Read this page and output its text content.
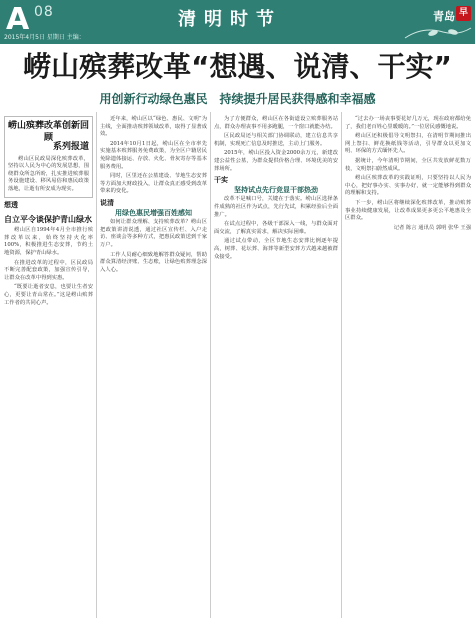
A 08
2015年4月5日 星期日 主编：
清明时节	青岛 早
崂山殡葬改革“想遇、说清、干实”
用创新行动绿色惠民　持续提升居民获得感和幸福感
崂山殡葬改革创新回顾
系列报道
崂山区民政局深化殡葬改革，坚持以人民为中心的发展思想，围绕群众所急所盼，扎实推进殡葬服务设施建设、移风易俗和惠民政策落地，让逝有所安成为现实。
想透
自立平令谈保护青山绿水

崂山区自1994年4月全市推行殡葬改革以来，始终坚持火化率100%，积极推进生态安葬，节约土地资源，保护青山绿水。

在推进改革的过程中，区民政局不断完善配套政策，加强宣传引导，让群众在改革中得到实惠。

“既要让逝者安息，也要让生者安心，更要让青山常在。”这是崂山殡葬工作者的共同心声。

近年来，崂山区以“绿色、惠民、文明”为主线，全面推动殡葬领域改革，取得了显著成效。

2014年10月1日起，崂山区在全市率先实施基本殡葬服务免费政策，为全区户籍居民免除遗体接运、存放、火化、骨灰寄存等基本服务费用。

同时，区里还在公墓建设、节地生态安葬等方面加大财政投入，让群众真正感受到改革带来的变化。

说清
用绿色惠民增强百姓感知

如何让群众理解、支持殡葬改革？崂山区把政策讲清说透，通过社区宣传栏、入户走访、座谈会等多种方式，把惠民政策送到千家万户。

工作人员耐心细致地解答群众疑问，帮助群众算清经济账、生态账，让绿色殡葬理念深入人心。

为了方便群众，崂山区在各街道设立殡葬服务站点，群众办理丧事不用多跑腿，一个窗口就能办结。

区民政局还与相关部门协调联动，建立信息共享机制，实现死亡信息及时推送，主动上门服务。

2015年，崂山区投入资金2000余万元，新建改建公益性公墓，为群众提供价格合理、环境优美的安葬场所。

干实
坚持试点先行竞显干部热劲

改革不是喊口号，关键在于落实。崂山区选择条件成熟的社区作为试点，先行先试，积累经验后全面推广。

在试点过程中，各级干部深入一线，与群众面对面交流，了解真实需求，解决实际困难。

通过试点带动，全区节地生态安葬比例逐年提高，树葬、花坛葬、海葬等新型安葬方式越来越被群众接受。

“过去办一场丧事要花好几万元，现在政府都给免了，我们老百姓心里暖暖的。”一位居民感慨地说。

崂山区还积极倡导文明祭扫，在清明节期间推出网上祭扫、鲜花换纸钱等活动，引导群众以更加文明、环保的方式缅怀先人。

据统计，今年清明节期间，全区共发放鲜花数万枝，文明祭扫蔚然成风。

崂山区殡葬改革的实践证明，只要坚持以人民为中心，把好事办实、实事办好，就一定能够得到群众的理解和支持。

下一步，崂山区将继续深化殡葬改革，推动殡葬事业持续健康发展，让改革成果更多更公平地惠及全区群众。

记者 陈言 通讯员 郭明 张华 王强
